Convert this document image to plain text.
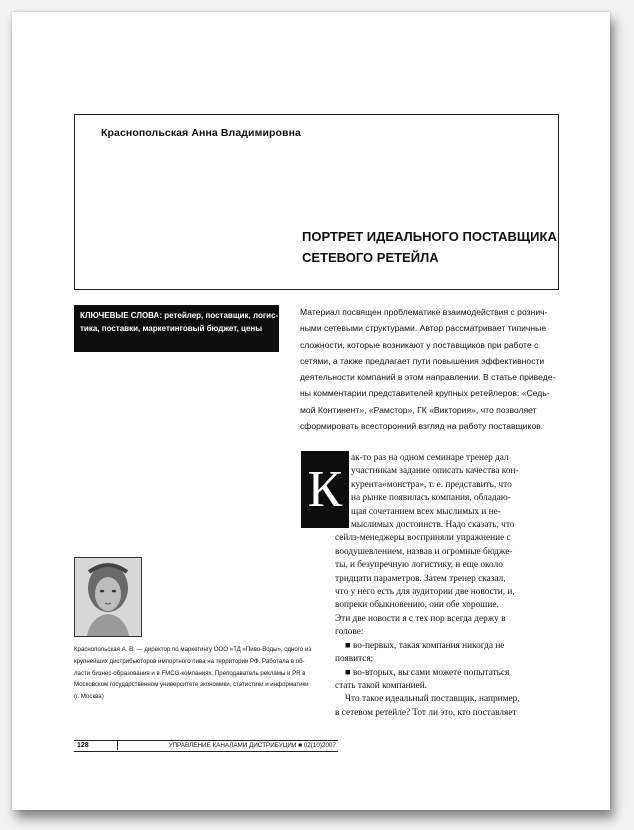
Краснопольская Анна Владимировна
ПОРТРЕТ ИДЕАЛЬНОГО ПОСТАВЩИКА
СЕТЕВОГО РЕТЕЙЛА
КЛЮЧЕВЫЕ СЛОВА: ретейлер, поставщик, логис-
тика, поставки, маркетинговый бюджет, цены
Материал посвящен проблематике взаимодействия с рознич-
ными сетевыми структурами. Автор рассматривает типичные
сложности, которые возникают у поставщиков при работе с
сетями, а также предлагает пути повышения эффективности
деятельности компаний в этом направлении. В статье приведе-
ны комментарии представителей крупных ретейлеров: «Седь-
мой Континент», «Рамстор», ГК «Виктория», что позволяет
сформировать всесторонний взгляд на работу поставщиков.
К
ак-то раз на одном семинаре тренер дал
участникам задание описать качества кон-
курента«монстра», т. е. представить, что
на рынке появилась компания, обладаю-
щая сочетанием всех мыслимых и не-
мыслимых достоинств. Надо сказать, что
сейлз-менеджеры восприняли упражнение с
воодушевлением, назвав и огромные бюдже-
ты, и безупречную логистику, и еще около
тридцати параметров. Затем тренер сказал,
что у него есть для аудитории две новости, и,
вопреки обыкновению, они обе хорошие.
Эти две новости я с тех пор всегда держу в
голове:
■ во-первых, такая компания никогда не
появится;
■ во-вторых, вы сами можете попытаться
стать такой компанией.
Что такое идеальный поставщик, например,
в сетевом ретейле? Тот ли это, кто поставляет
Краснопольская А. В. — директор по маркетингу ООО «ТД «Пиво-Воды», одного из
крупнейших дистрибьюторов импортного пива на территории РФ. Работала в об-
ласти бизнес-образования и в FMCG-компаниях. Преподаватель рекламы и PR в
Московском государственном университете экономики, статистики и информатики
(г. Москва)
128	УПРАВЛЕНИЕ КАНАЛАМИ ДИСТРИБУЦИИ ■ 02(10)2007
